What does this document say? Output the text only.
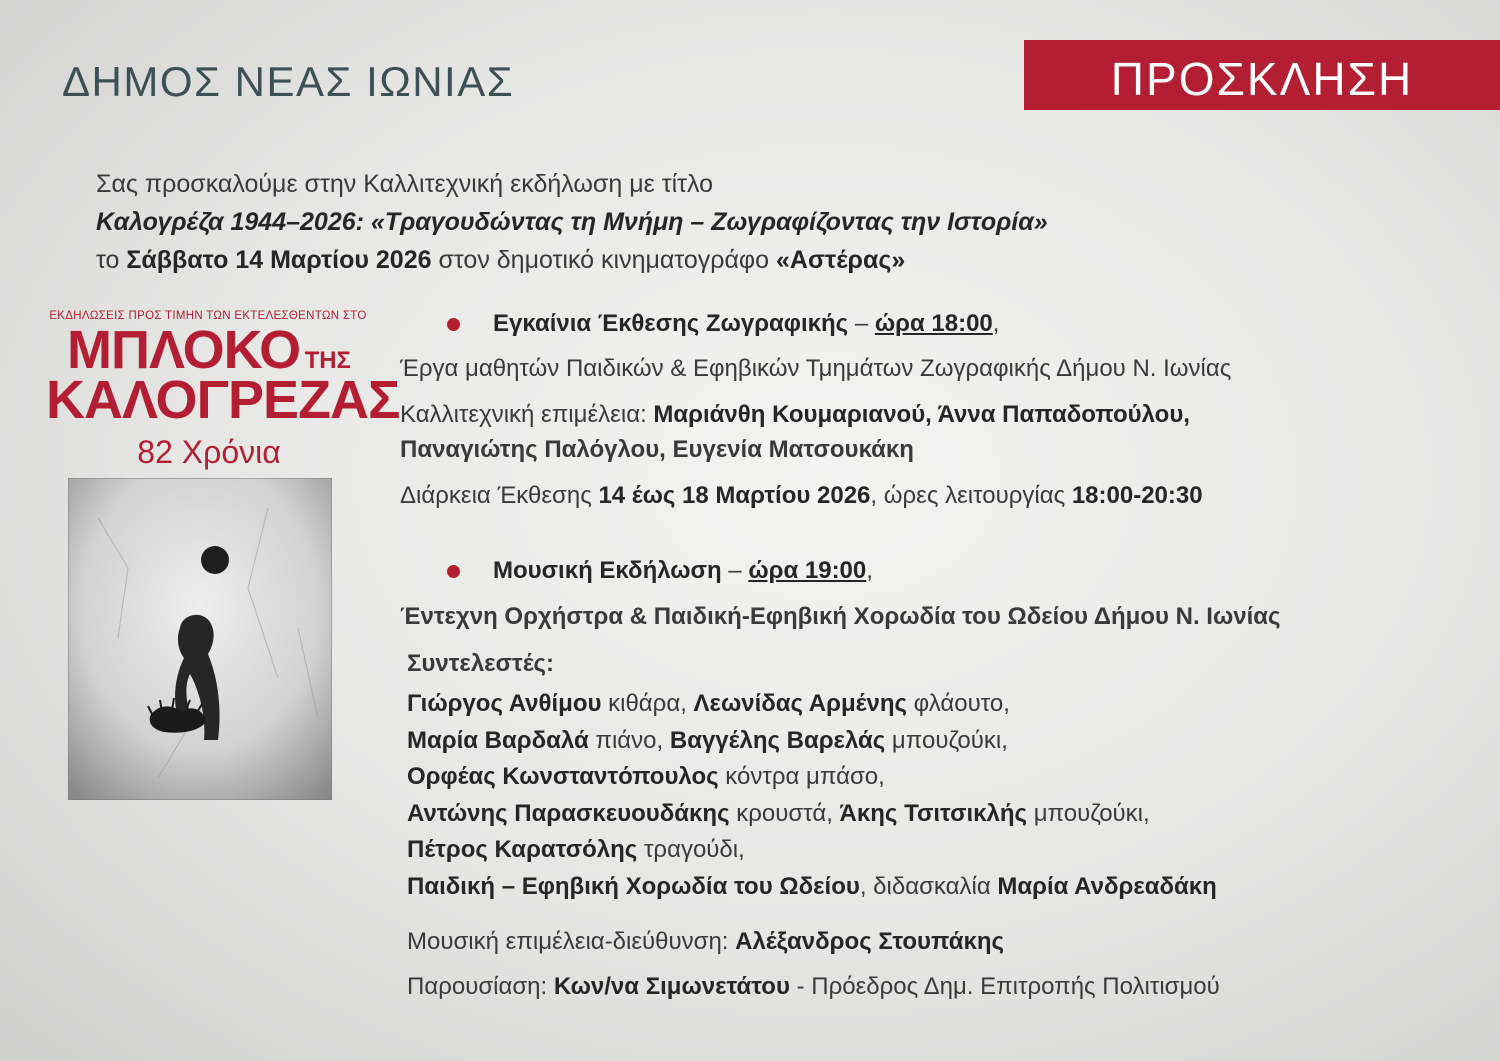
ΔΗΜΟΣ ΝΕΑΣ ΙΩΝΙΑΣ	ΠΡΟΣΚΛΗΣΗ
Σας προσκαλούμε στην Καλλιτεχνική εκδήλωση με τίτλο
Καλογρέζα 1944–2026: «Τραγουδώντας τη Μνήμη – Ζωγραφίζοντας την Ιστορία»
το Σάββατο 14 Μαρτίου 2026 στον δημοτικό κινηματογράφο «Αστέρας»
ΕΚΔΗΛΩΣΕΙΣ ΠΡΟΣ ΤΙΜΗΝ ΤΩΝ ΕΚΤΕΛΕΣΘΕΝΤΩΝ ΣΤΟ
ΜΠΛΟΚΟ ΤΗΣ
ΚΑΛΟΓΡΕΖΑΣ
82 Χρόνια
Εγκαίνια Έκθεσης Ζωγραφικής – ώρα 18:00,
Έργα μαθητών Παιδικών & Εφηβικών Τμημάτων Ζωγραφικής Δήμου Ν. Ιωνίας
Καλλιτεχνική επιμέλεια: Μαριάνθη Κουμαριανού, Άννα Παπαδοπούλου,
Παναγιώτης Παλόγλου, Ευγενία Ματσουκάκη
Διάρκεια Έκθεσης 14 έως 18 Μαρτίου 2026, ώρες λειτουργίας 18:00-20:30
Μουσική Εκδήλωση – ώρα 19:00,
Έντεχνη Ορχήστρα & Παιδική-Εφηβική Χορωδία του Ωδείου Δήμου Ν. Ιωνίας
Συντελεστές:
Γιώργος Ανθίμου κιθάρα, Λεωνίδας Αρμένης φλάουτο,
Μαρία Βαρδαλά πιάνο, Βαγγέλης Βαρελάς μπουζούκι,
Ορφέας Κωνσταντόπουλος κόντρα μπάσο,
Αντώνης Παρασκευουδάκης κρουστά, Άκης Τσιτσικλής μπουζούκι,
Πέτρος Καρατσόλης τραγούδι,
Παιδική – Εφηβική Χορωδία του Ωδείου, διδασκαλία Μαρία Ανδρεαδάκη
Μουσική επιμέλεια-διεύθυνση: Αλέξανδρος Στουπάκης
Παρουσίαση: Κων/να Σιμωνετάτου - Πρόεδρος Δημ. Επιτροπής Πολιτισμού
